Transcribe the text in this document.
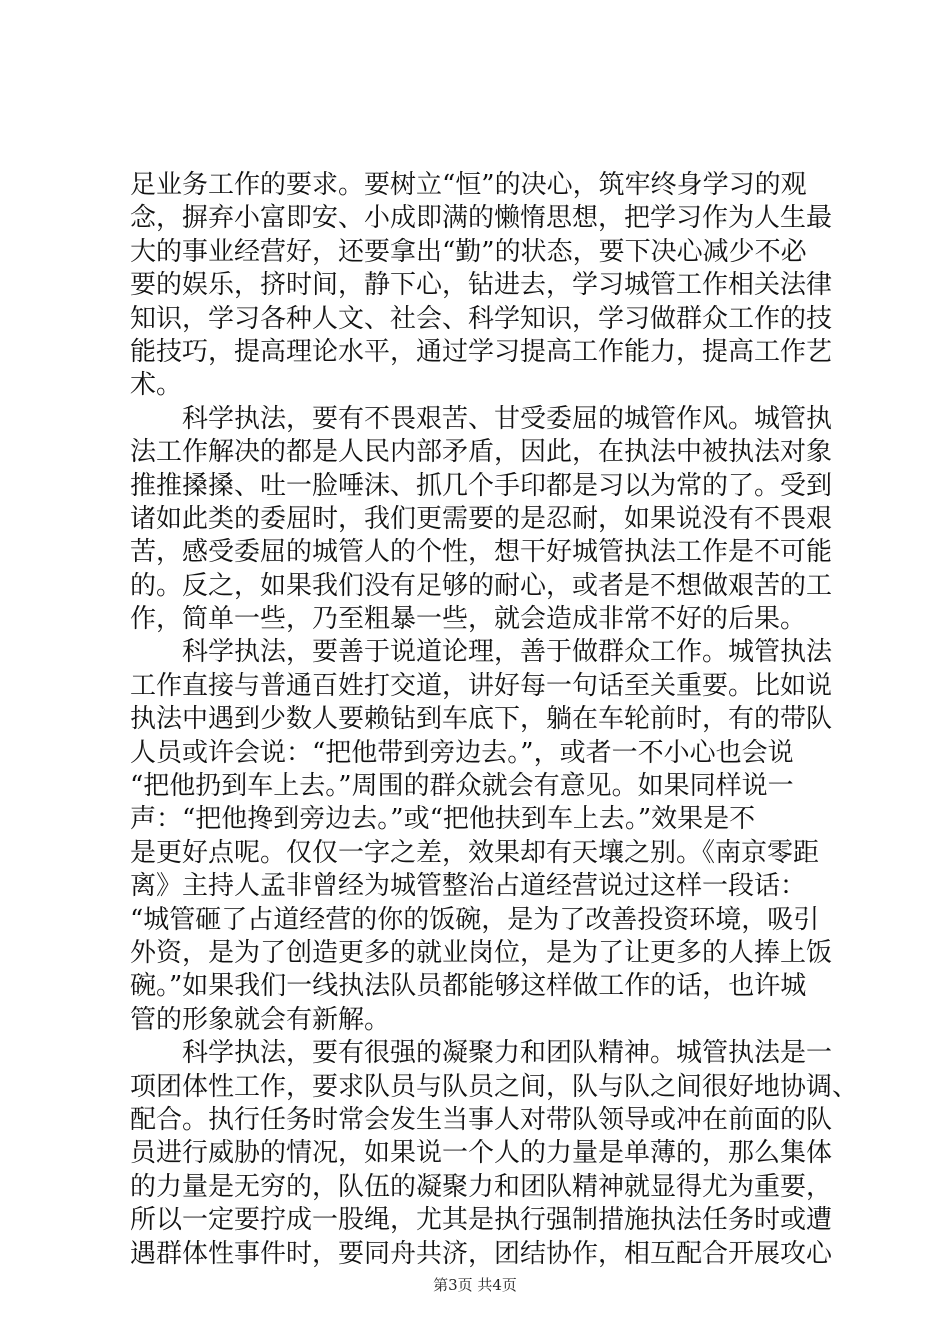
足业务工作的要求。要树立“恒”的决心，筑牢终身学习的观
念，摒弃小富即安、小成即满的懒惰思想，把学习作为人生最
大的事业经营好，还要拿出“勤”的状态，要下决心减少不必
要的娱乐，挤时间，静下心，钻进去，学习城管工作相关法律
知识，学习各种人文、社会、科学知识，学习做群众工作的技
能技巧，提高理论水平，通过学习提高工作能力，提高工作艺
术。
科学执法，要有不畏艰苦、甘受委屈的城管作风。城管执
法工作解决的都是人民内部矛盾，因此，在执法中被执法对象
推推搡搡、吐一脸唾沫、抓几个手印都是习以为常的了。受到
诸如此类的委屈时，我们更需要的是忍耐，如果说没有不畏艰
苦，感受委屈的城管人的个性，想干好城管执法工作是不可能
的。反之，如果我们没有足够的耐心，或者是不想做艰苦的工
作，简单一些，乃至粗暴一些，就会造成非常不好的后果。
科学执法，要善于说道论理，善于做群众工作。城管执法
工作直接与普通百姓打交道，讲好每一句话至关重要。比如说
执法中遇到少数人要赖钻到车底下，躺在车轮前时，有的带队
人员或许会说：“把他带到旁边去。”，或者一不小心也会说
“把他扔到车上去。”周围的群众就会有意见。如果同样说一
声：“把他搀到旁边去。”或“把他扶到车上去。”效果是不
是更好点呢。仅仅一字之差，效果却有天壤之别。《南京零距
离》主持人孟非曾经为城管整治占道经营说过这样一段话：
“城管砸了占道经营的你的饭碗，是为了改善投资环境，吸引
外资，是为了创造更多的就业岗位，是为了让更多的人捧上饭
碗。”如果我们一线执法队员都能够这样做工作的话，也许城
管的形象就会有新解。
科学执法，要有很强的凝聚力和团队精神。城管执法是一
项团体性工作，要求队员与队员之间，队与队之间很好地协调、
配合。执行任务时常会发生当事人对带队领导或冲在前面的队
员进行威胁的情况，如果说一个人的力量是单薄的，那么集体
的力量是无穷的，队伍的凝聚力和团队精神就显得尤为重要，
所以一定要拧成一股绳，尤其是执行强制措施执法任务时或遭
遇群体性事件时，要同舟共济，团结协作，相互配合开展攻心
第3页 共4页
